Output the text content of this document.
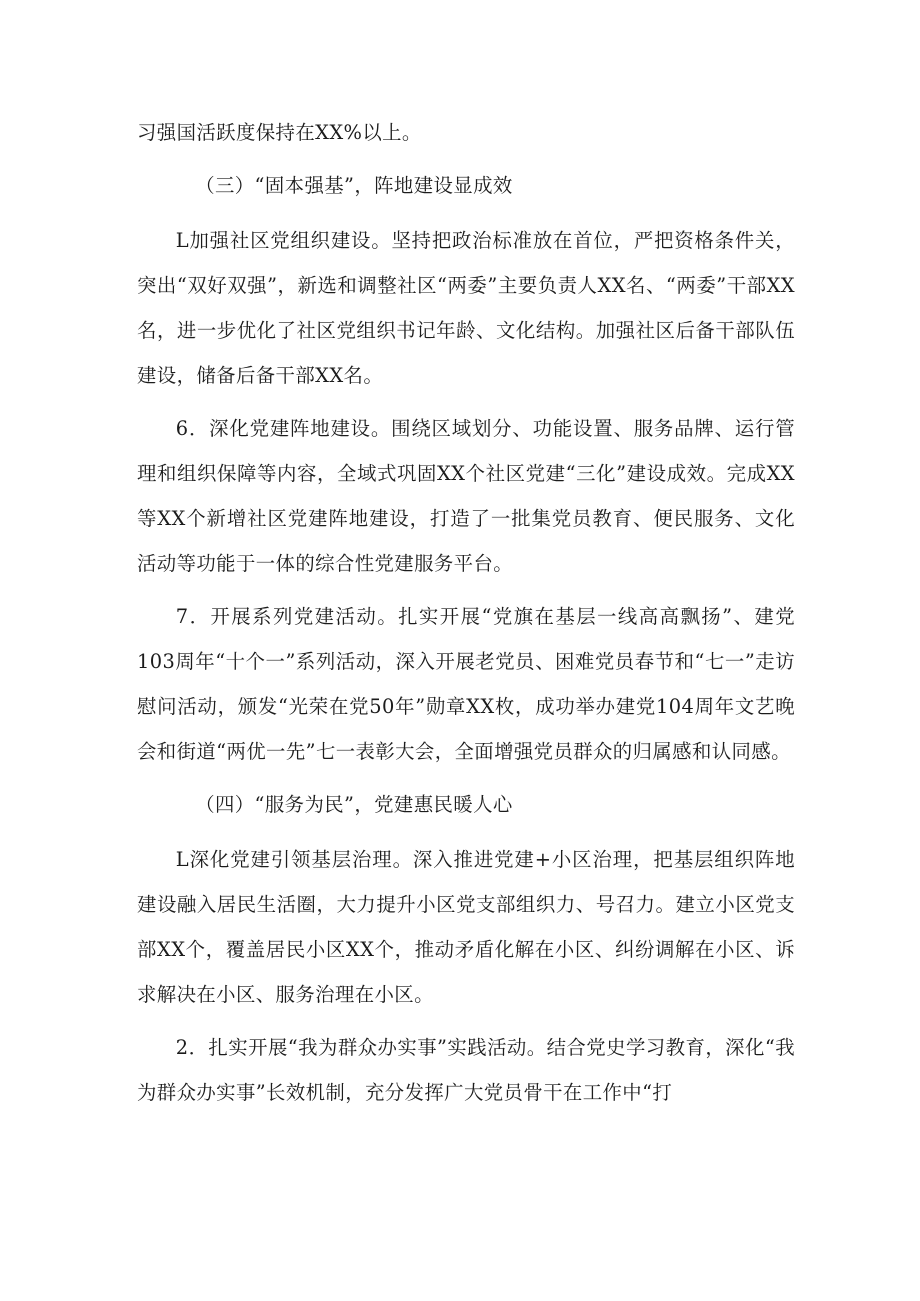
习强国活跃度保持在XX%以上。

（三）“固本强基”，阵地建设显成效

L加强社区党组织建设。坚持把政治标准放在首位，严把资格条件关，突出“双好双强”，新选和调整社区“两委”主要负责人XX名、“两委”干部XX名，进一步优化了社区党组织书记年龄、文化结构。加强社区后备干部队伍建设，储备后备干部XX名。

6．深化党建阵地建设。围绕区域划分、功能设置、服务品牌、运行管理和组织保障等内容，全域式巩固XX个社区党建“三化”建设成效。完成XX等XX个新增社区党建阵地建设，打造了一批集党员教育、便民服务、文化活动等功能于一体的综合性党建服务平台。

7．开展系列党建活动。扎实开展“党旗在基层一线高高飘扬”、建党103周年“十个一”系列活动，深入开展老党员、困难党员春节和“七一”走访慰问活动，颁发“光荣在党50年”勋章XX枚，成功举办建党104周年文艺晚会和街道“两优一先”七一表彰大会，全面增强党员群众的归属感和认同感。

（四）“服务为民”，党建惠民暖人心

L深化党建引领基层治理。深入推进党建+小区治理，把基层组织阵地建设融入居民生活圈，大力提升小区党支部组织力、号召力。建立小区党支部XX个，覆盖居民小区XX个，推动矛盾化解在小区、纠纷调解在小区、诉求解决在小区、服务治理在小区。

2．扎实开展“我为群众办实事”实践活动。结合党史学习教育，深化“我为群众办实事”长效机制，充分发挥广大党员骨干在工作中“打
